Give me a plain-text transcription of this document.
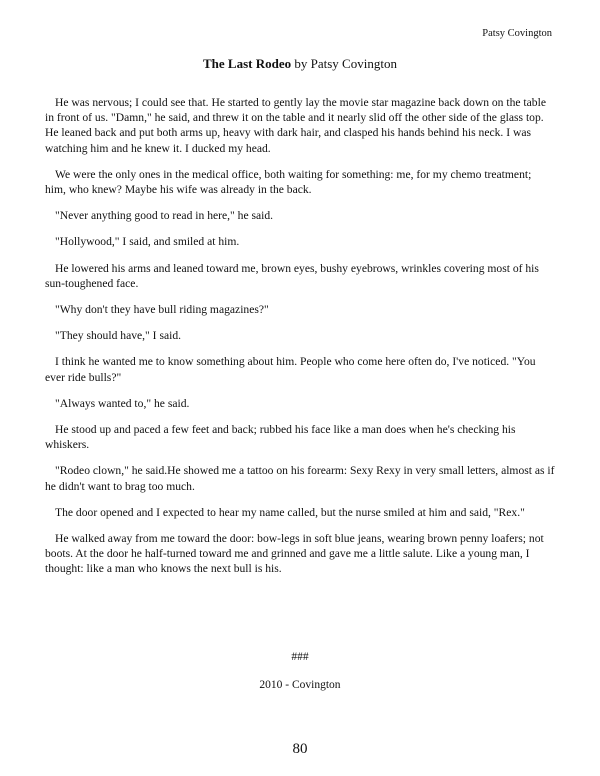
Patsy Covington
The Last Rodeo by Patsy Covington

He was nervous; I could see that. He started to gently lay the movie star magazine back down on the table in front of us. "Damn," he said, and threw it on the table and it nearly slid off the other side of the glass top. He leaned back and put both arms up, heavy with dark hair, and clasped his hands behind his neck. I was watching him and he knew it. I ducked my head.

We were the only ones in the medical office, both waiting for something: me, for my chemo treatment; him, who knew? Maybe his wife was already in the back.

"Never anything good to read in here," he said.

"Hollywood," I said, and smiled at him.

He lowered his arms and leaned toward me, brown eyes, bushy eyebrows, wrinkles covering most of his sun-toughened face.

"Why don't they have bull riding magazines?"

"They should have," I said.

I think he wanted me to know something about him. People who come here often do, I've noticed. "You ever ride bulls?"

"Always wanted to," he said.

He stood up and paced a few feet and back; rubbed his face like a man does when he's checking his whiskers.

"Rodeo clown," he said.He showed me a tattoo on his forearm: Sexy Rexy in very small letters, almost as if he didn't want to brag too much.

The door opened and I expected to hear my name called, but the nurse smiled at him and said, "Rex."

He walked away from me toward the door: bow-legs in soft blue jeans, wearing brown penny loafers; not boots. At the door he half-turned toward me and grinned and gave me a little salute. Like a young man, I thought: like a man who knows the next bull is his.

###
2010 - Covington
80
